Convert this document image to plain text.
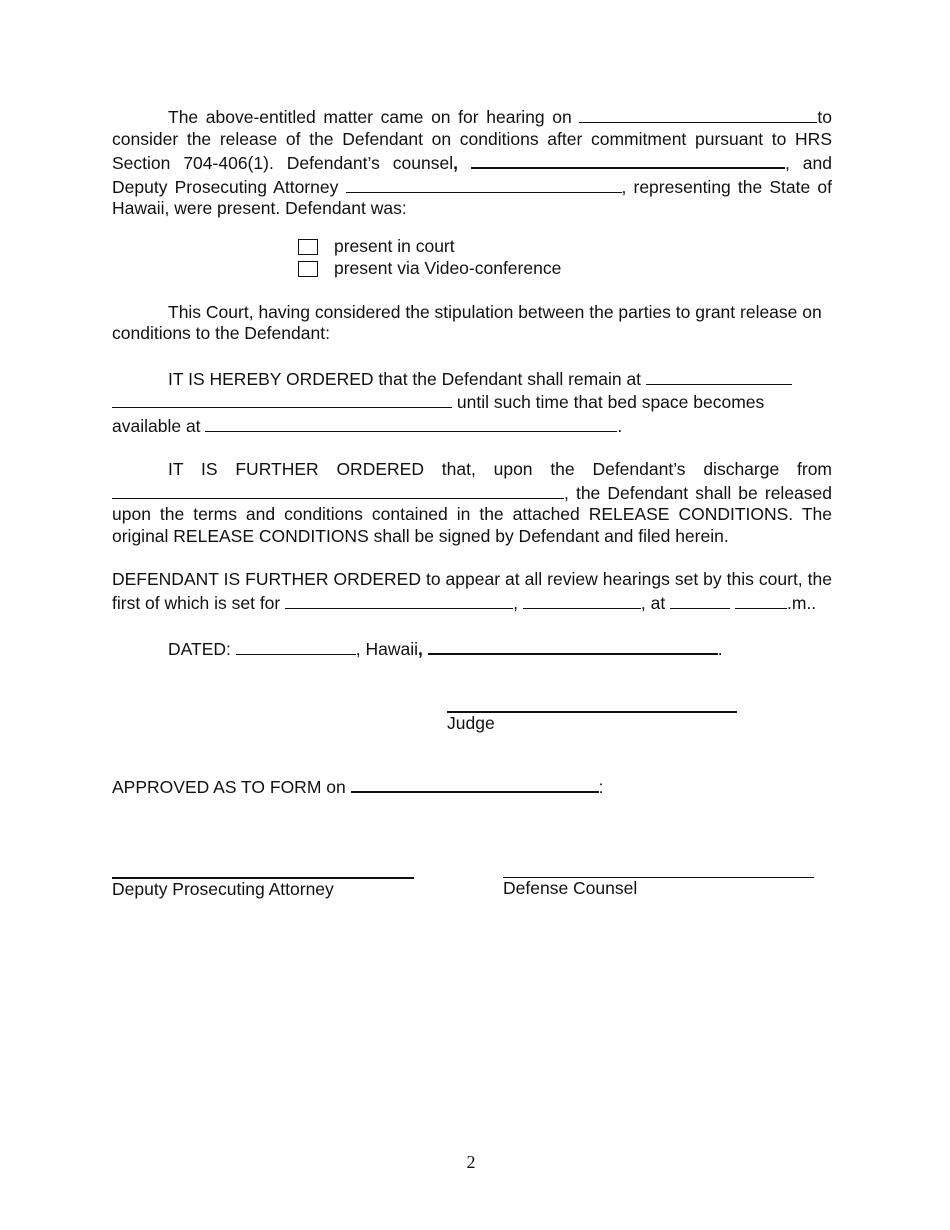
The above-entitled matter came on for hearing on	to consider the release of the Defendant on conditions after commitment pursuant to HRS Section 704-406(1). Defendant’s counsel,	, and Deputy Prosecuting Attorney	, representing the State of Hawaii, were present. Defendant was:

present in court
present via Video-conference

This Court, having considered the stipulation between the parties to grant release on conditions to the Defendant:

IT IS HEREBY ORDERED that the Defendant shall remain at   until such time that bed space becomes available at	.

IT IS FURTHER ORDERED that, upon the Defendant’s discharge from , the Defendant shall be released upon the terms and conditions contained in the attached RELEASE CONDITIONS. The original RELEASE CONDITIONS shall be signed by Defendant and filed herein.

DEFENDANT IS FURTHER ORDERED to appear at all review hearings set by this court, the first of which is set for	,	, at	.m..

DATED:	, Hawaii,	.

Judge

APPROVED AS TO FORM on	:

Deputy Prosecuting Attorney	Defense Counsel
2
